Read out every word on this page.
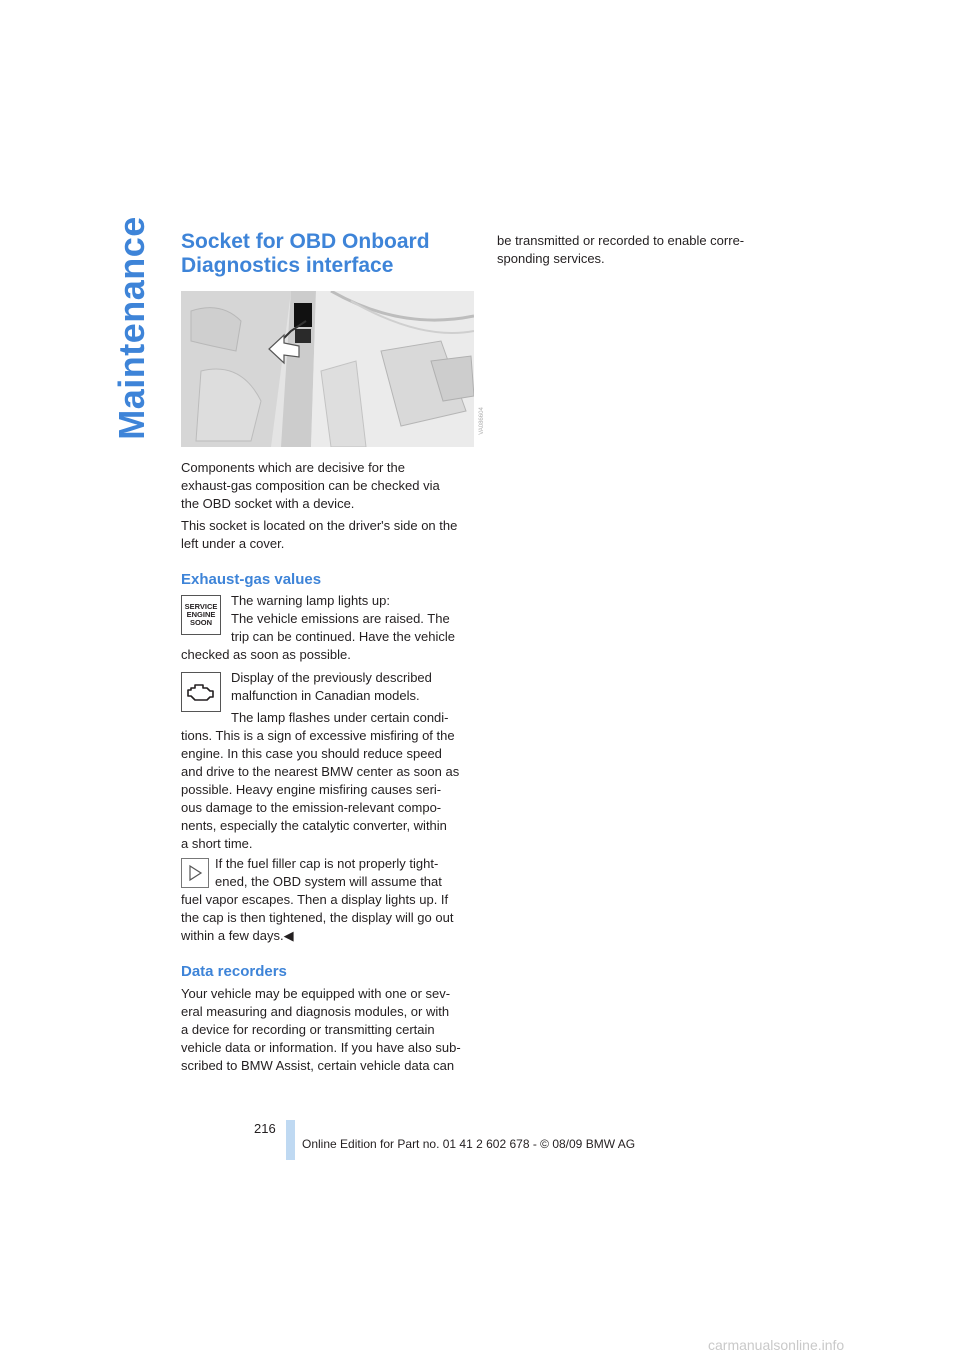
Maintenance Socket for OBD Onboard
Diagnostics interface
VA086604

Components which are decisive for the

exhaust-gas composition can be checked via

the OBD socket with a device.

This socket is located on the driver's side on the

left under a cover.

Exhaust-gas values
SERVICE
ENGINE
SOON

The warning lamp lights up:

The vehicle emissions are raised. The

trip can be continued. Have the vehicle

checked as soon as possible.

Display of the previously described

malfunction in Canadian models.

The lamp flashes under certain condi-

tions. This is a sign of excessive misfiring of the

engine. In this case you should reduce speed

and drive to the nearest BMW center as soon as

possible. Heavy engine misfiring causes seri-

ous damage to the emission-relevant compo-

nents, especially the catalytic converter, within

a short time.

If the fuel filler cap is not properly tight-

ened, the OBD system will assume that

fuel vapor escapes. Then a display lights up. If

the cap is then tightened, the display will go out

within a few days.◀

Data recorders

Your vehicle may be equipped with one or sev-

eral measuring and diagnosis modules, or with

a device for recording or transmitting certain

vehicle data or information. If you have also sub-

scribed to BMW Assist, certain vehicle data can

be transmitted or recorded to enable corre-

sponding services.

216
Online Edition for Part no. 01 41 2 602 678 - © 08/09 BMW AG
carmanualsonline.info
